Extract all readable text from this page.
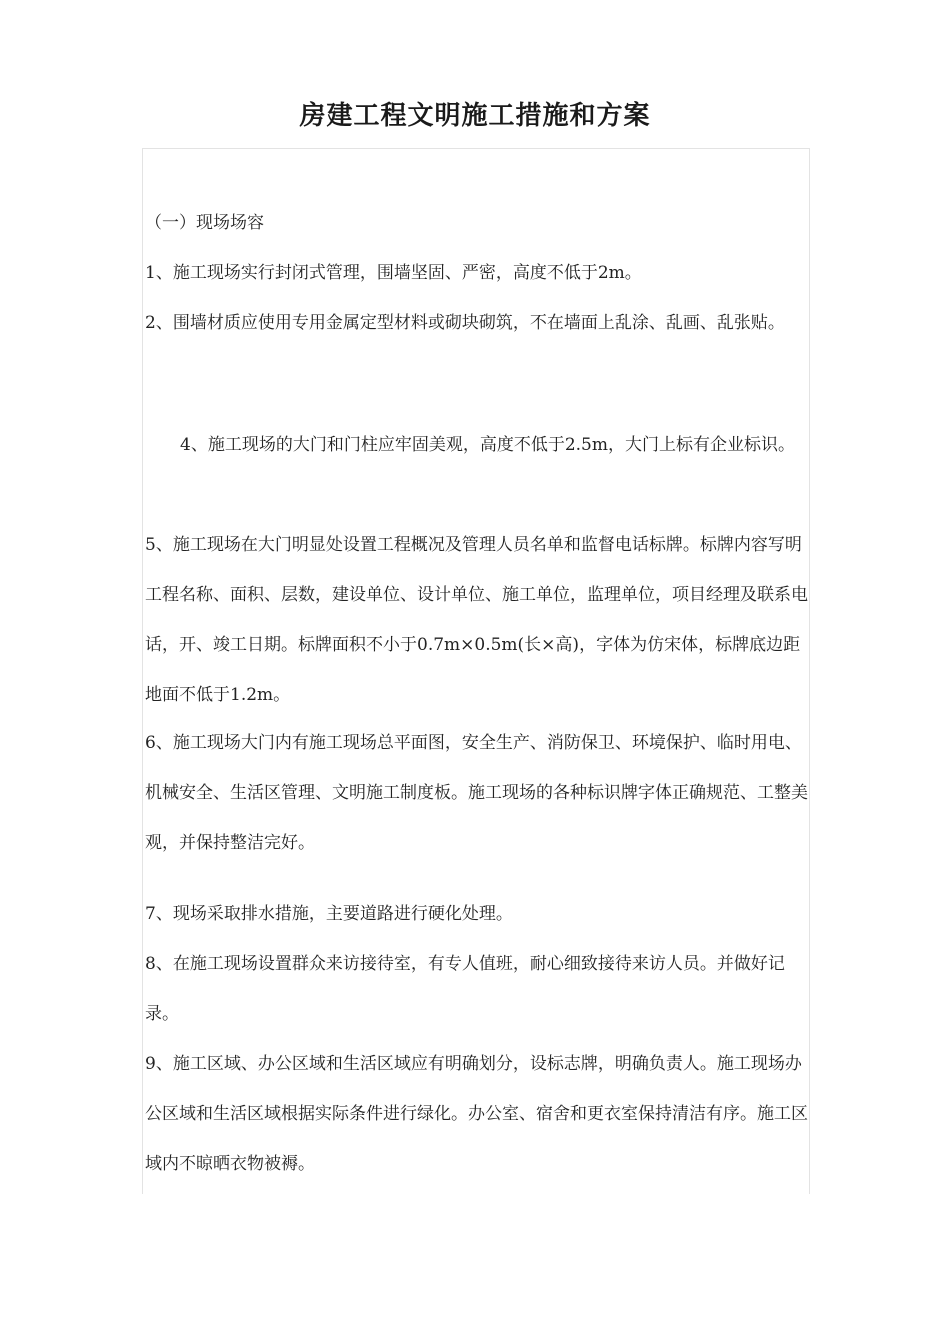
房建工程文明施工措施和方案

（一）现场场容

1、施工现场实行封闭式管理，围墙坚固、严密，高度不低于2m。

2、围墙材质应使用专用金属定型材料或砌块砌筑，不在墙面上乱涂、乱画、乱张贴。

4、施工现场的大门和门柱应牢固美观，高度不低于2.5m，大门上标有企业标识。

5、施工现场在大门明显处设置工程概况及管理人员名单和监督电话标牌。标牌内容写明工程名称、面积、层数，建设单位、设计单位、施工单位，监理单位，项目经理及联系电话，开、竣工日期。标牌面积不小于0.7m×0.5m(长×高)，字体为仿宋体，标牌底边距地面不低于1.2m。

6、施工现场大门内有施工现场总平面图，安全生产、消防保卫、环境保护、临时用电、机械安全、生活区管理、文明施工制度板。施工现场的各种标识牌字体正确规范、工整美观，并保持整洁完好。

7、现场采取排水措施，主要道路进行硬化处理。

8、在施工现场设置群众来访接待室，有专人值班，耐心细致接待来访人员。并做好记录。

9、施工区域、办公区域和生活区域应有明确划分，设标志牌，明确负责人。施工现场办公区域和生活区域根据实际条件进行绿化。办公室、宿舍和更衣室保持清洁有序。施工区域内不晾晒衣物被褥。
